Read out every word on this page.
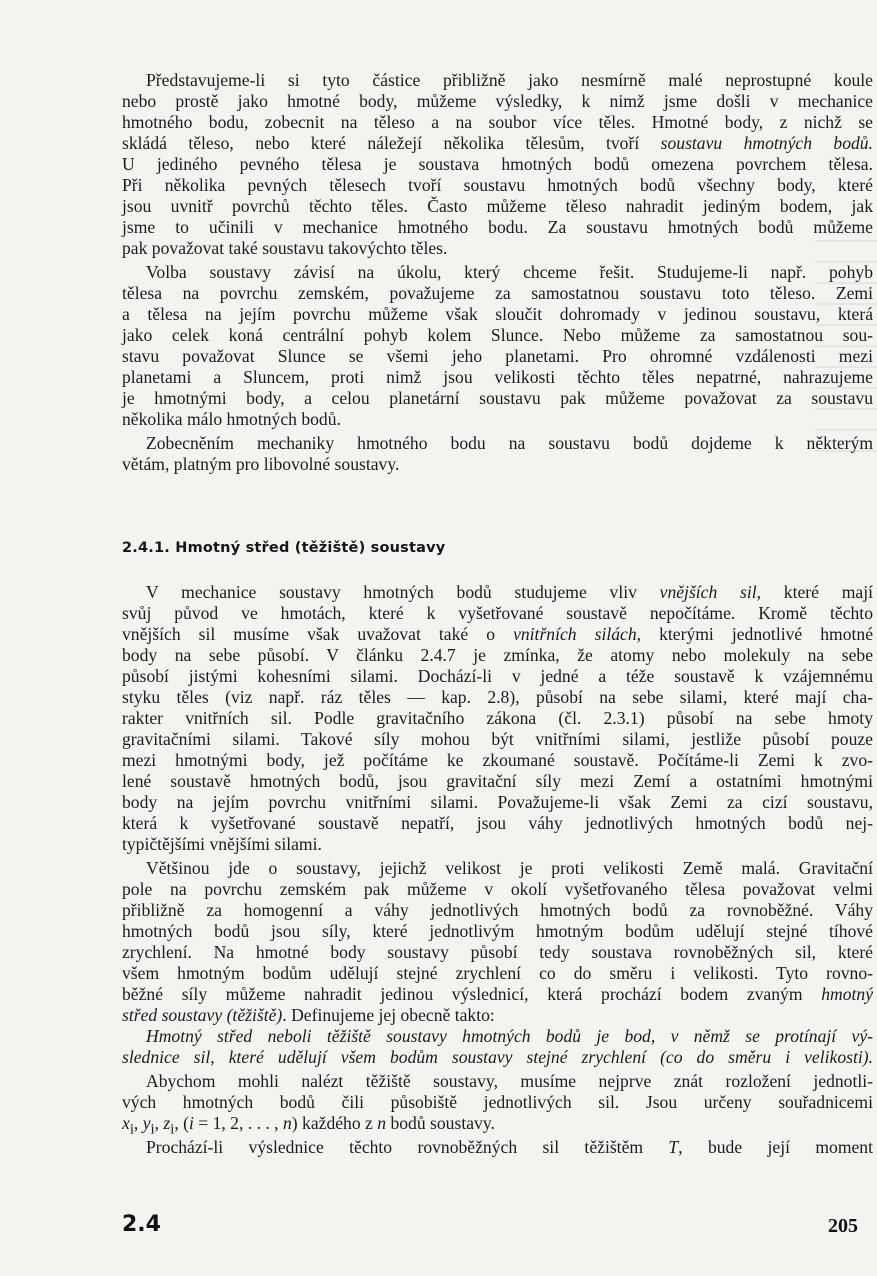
Představujeme-li si tyto částice přibližně jako nesmírně malé neprostupné koule
nebo prostě jako hmotné body, můžeme výsledky, k nimž jsme došli v mechanice
hmotného bodu, zobecnit na těleso a na soubor více těles. Hmotné body, z nichž se
skládá těleso, nebo které náležejí několika tělesům, tvoří soustavu hmotných bodů.
U jediného pevného tělesa je soustava hmotných bodů omezena povrchem tělesa.
Při několika pevných tělesech tvoří soustavu hmotných bodů všechny body, které
jsou uvnitř povrchů těchto těles. Často můžeme těleso nahradit jediným bodem, jak
jsme to učinili v mechanice hmotného bodu. Za soustavu hmotných bodů můžeme
pak považovat také soustavu takovýchto těles.
Volba soustavy závisí na úkolu, který chceme řešit. Studujeme-li např. pohyb
tělesa na povrchu zemském, považujeme za samostatnou soustavu toto těleso. Zemi
a tělesa na jejím povrchu můžeme však sloučit dohromady v jedinou soustavu, která
jako celek koná centrální pohyb kolem Slunce. Nebo můžeme za samostatnou sou-
stavu považovat Slunce se všemi jeho planetami. Pro ohromné vzdálenosti mezi
planetami a Sluncem, proti nimž jsou velikosti těchto těles nepatrné, nahrazujeme
je hmotnými body, a celou planetární soustavu pak můžeme považovat za soustavu
několika málo hmotných bodů.
Zobecněním mechaniky hmotného bodu na soustavu bodů dojdeme k některým
větám, platným pro libovolné soustavy.
2.4.1. Hmotný střed (těžiště) soustavy
V mechanice soustavy hmotných bodů studujeme vliv vnějších sil, které mají
svůj původ ve hmotách, které k vyšetřované soustavě nepočítáme. Kromě těchto
vnějších sil musíme však uvažovat také o vnitřních silách, kterými jednotlivé hmotné
body na sebe působí. V článku 2.4.7 je zmínka, že atomy nebo molekuly na sebe
působí jistými kohesními silami. Dochází-li v jedné a téže soustavě k vzájemnému
styku těles (viz např. ráz těles — kap. 2.8), působí na sebe silami, které mají cha-
rakter vnitřních sil. Podle gravitačního zákona (čl. 2.3.1) působí na sebe hmoty
gravitačními silami. Takové síly mohou být vnitřními silami, jestliže působí pouze
mezi hmotnými body, jež počítáme ke zkoumané soustavě. Počítáme-li Zemi k zvo-
lené soustavě hmotných bodů, jsou gravitační síly mezi Zemí a ostatními hmotnými
body na jejím povrchu vnitřními silami. Považujeme-li však Zemi za cizí soustavu,
která k vyšetřované soustavě nepatří, jsou váhy jednotlivých hmotných bodů nej-
typičtějšími vnějšími silami.
Většinou jde o soustavy, jejichž velikost je proti velikosti Země malá. Gravitační
pole na povrchu zemském pak můžeme v okolí vyšetřovaného tělesa považovat velmi
přibližně za homogenní a váhy jednotlivých hmotných bodů za rovnoběžné. Váhy
hmotných bodů jsou síly, které jednotlivým hmotným bodům udělují stejné tíhové
zrychlení. Na hmotné body soustavy působí tedy soustava rovnoběžných sil, které
všem hmotným bodům udělují stejné zrychlení co do směru i velikosti. Tyto rovno-
běžné síly můžeme nahradit jedinou výslednicí, která prochází bodem zvaným hmotný
střed soustavy (těžiště). Definujeme jej obecně takto:
Hmotný střed neboli těžiště soustavy hmotných bodů je bod, v němž se protínají vý-
slednice sil, které udělují všem bodům soustavy stejné zrychlení (co do směru i velikosti).
Abychom mohli nalézt těžiště soustavy, musíme nejprve znát rozložení jednotli-
vých hmotných bodů čili působiště jednotlivých sil. Jsou určeny souřadnicemi
$x_i$, $y_i$, $z_i$, (i = 1, 2, . . . , n) každého z n bodů soustavy.
Prochází-li výslednice těchto rovnoběžných sil těžištěm T, bude její moment
2.4	205
